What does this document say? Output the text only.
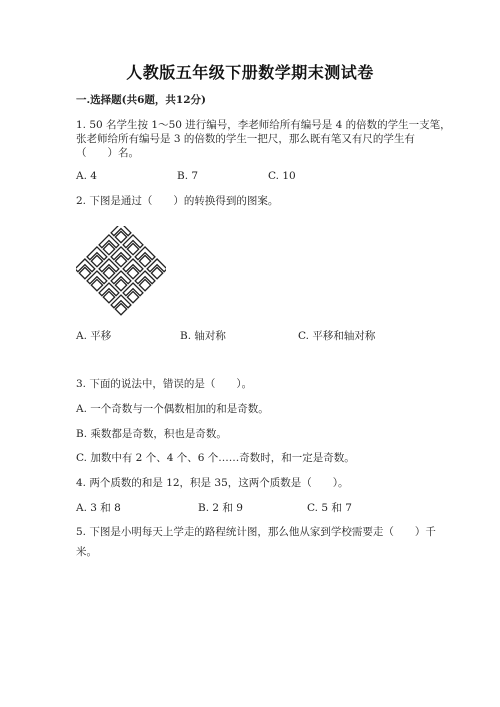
人教版五年级下册数学期末测试卷
一.选择题(共6题，共12分)
1. 50 名学生按 1～50 进行编号，李老师给所有编号是 4 的倍数的学生一支笔，
张老师给所有编号是 3 的倍数的学生一把尺，那么既有笔又有尺的学生有
（　　）名。
A. 4	B. 7	C. 10
2. 下图是通过（　　）的转换得到的图案。
A. 平移	B. 轴对称	C. 平移和轴对称
3. 下面的说法中，错误的是（　　）。
A. 一个奇数与一个偶数相加的和是奇数。
B. 乘数都是奇数，积也是奇数。
C. 加数中有 2 个、4 个、6 个……奇数时，和一定是奇数。
4. 两个质数的和是 12，积是 35，这两个质数是（　　）。
A. 3 和 8	B. 2 和 9	C. 5 和 7
5. 下图是小明每天上学走的路程统计图，那么他从家到学校需要走（　　）千
米。
